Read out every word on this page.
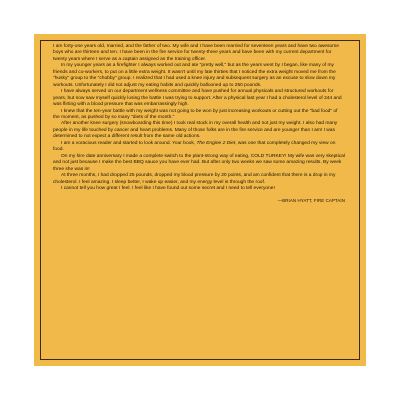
I am forty-one years old, married, and the father of two. My wife and I have been married for seventeen years and have two awesome boys who are thirteen and ten. I have been in the fire service for twenty-three years and have been with my current department for twenty years where I serve as a captain assigned as the training officer.

In my younger years as a firefighter I always worked out and ate "pretty well," but as the years went by I began, like many of my friends and co-workers, to put on a little extra weight. It wasn't until my late thirties that I noticed the extra weight moved me from the "husky" group to the "chubby" group. I realized that I had used a knee injury and subsequent surgery as an excuse to slow down my workouts. Unfortunately I did not adjust my eating habits and quickly ballooned up to 250 pounds.

I have always served on our department wellness committee and have pushed for annual physicals and structured workouts for years, but now saw myself quickly losing the battle I was trying to support. After a physical last year I had a cholesterol level of 244 and was flirting with a blood pressure that was embarrassingly high.

I knew that the ten-year battle with my weight was not going to be won by just increasing workouts or cutting out the "bad food" of the moment, as pushed by so many "diets of the month."

After another knee surgery (snowboarding this time) I took real stock in my overall health and not just my weight. I also had many people in my life touched by cancer and heart problems. Many of those folks are in the fire service and are younger than I am! I was determined to not expect a different result from the same old actions.

I am a voracious reader and started to look around. Your book, The Engine 2 Diet, was one that completely changed my view on food.

On my hire date anniversary I made a complete switch to the plant-strong way of eating, COLD TURKEY! My wife was very skeptical and not just because I make the best BBQ sauce you have ever had. But after only two weeks we saw some amazing results. By week three she was in!

At three months, I had dropped 25 pounds, dropped my blood pressure by 20 points, and am confident that there is a drop in my cholesterol. I feel amazing. I sleep better, I wake up easier, and my energy level is through the roof.

I cannot tell you how great I feel. I feel like I have found out some secret and I need to tell everyone!

—BRIAN HYATT, FIRE CAPTAIN
